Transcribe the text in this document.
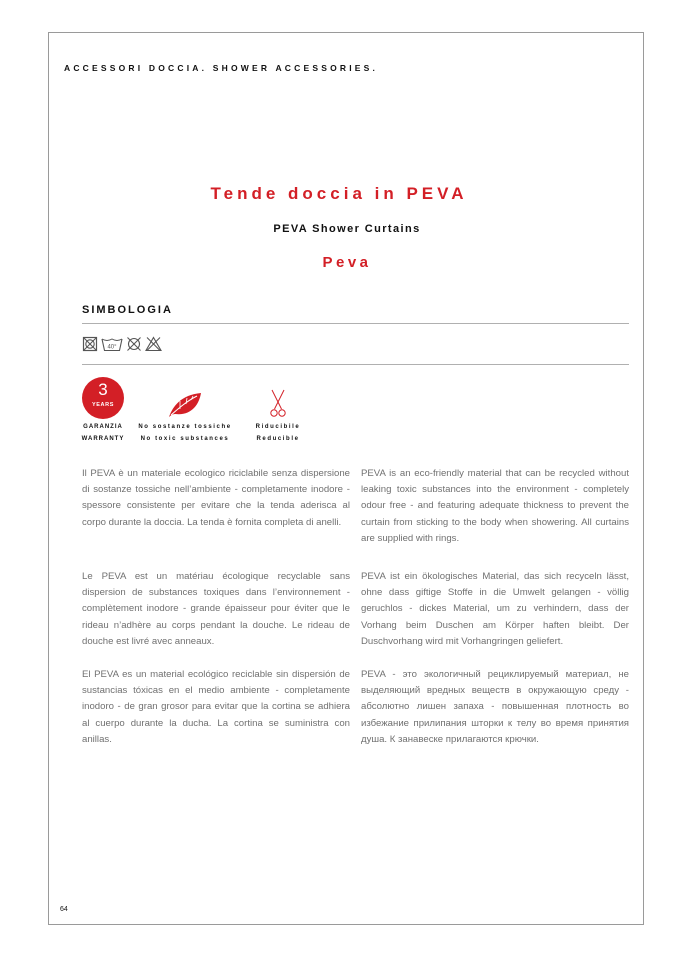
ACCESSORI DOCCIA. SHOWER ACCESSORIES.
Tende doccia in PEVA
PEVA Shower Curtains
Peva
SIMBOLOGIA
40°
3
YEARS
GARANZIA
WARRANTY
No sostanze tossiche
No toxic substances
Riducibile
Reducible
Il PEVA è un materiale ecologico riciclabile senza dispersione di sostanze tossiche nell’ambiente - completamente inodore - spessore consistente per evitare che la tenda aderisca al corpo durante la doccia. La tenda è fornita completa di anelli.
PEVA is an eco-friendly material that can be recycled without leaking toxic substances into the environment - completely odour free - and featuring adequate thickness to prevent the curtain from sticking to the body when showering. All curtains are supplied with rings.
Le PEVA est un matériau écologique recyclable sans dispersion de substances toxiques dans l’environnement - complètement inodore - grande épaisseur pour éviter que le rideau n’adhère au corps pendant la douche. Le rideau de douche est livré avec anneaux.
PEVA ist ein ökologisches Material, das sich recyceln lässt, ohne dass giftige Stoffe in die Umwelt gelangen - völlig geruchlos - dickes Material, um zu verhindern, dass der Vorhang beim Duschen am Körper haften bleibt. Der Duschvorhang wird mit Vorhangringen geliefert.
El PEVA es un material ecológico reciclable sin dispersión de sustancias tóxicas en el medio ambiente - completamente inodoro - de gran grosor para evitar que la cortina se adhiera al cuerpo durante la ducha. La cortina se suministra con anillas.
PEVA - это экологичный рециклируемый материал, не выделяющий вредных веществ в окружающую среду - абсолютно лишен запаха - повышенная плотность во избежание прилипания шторки к телу во время принятия душа. К занавеске прилагаются крючки.
64
